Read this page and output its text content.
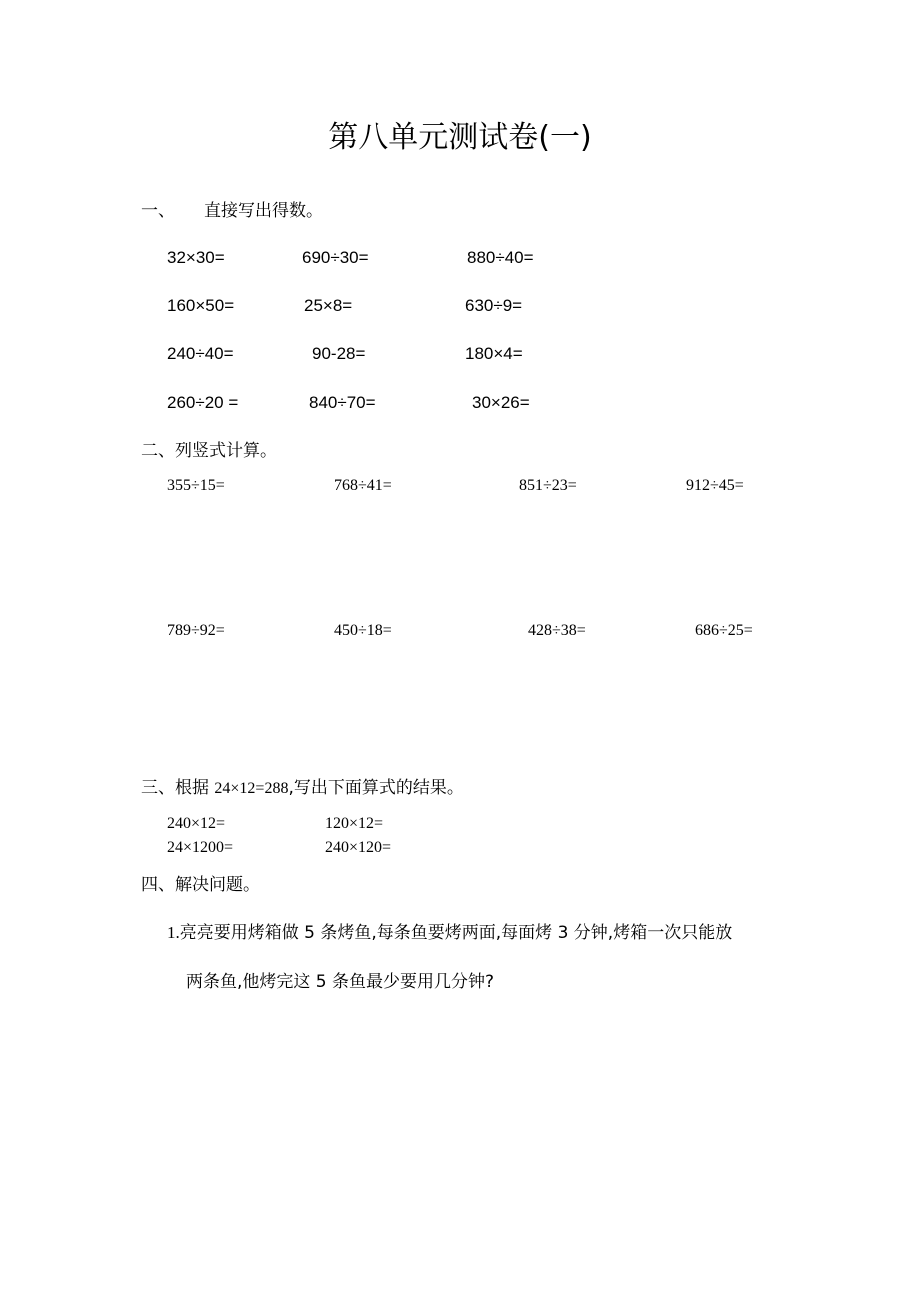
第八单元测试卷(一)
一、 直接写出得数。
32×30=	690÷30=	880÷40=
160×50=	25×8=	630÷9=
240÷40=	90-28=	180×4=
260÷20 =	840÷70=	30×26=
二、列竖式计算。
355÷15=	768÷41=	851÷23=	912÷45=
789÷92=	450÷18=	428÷38=	686÷25=
三、根据 24×12=288,写出下面算式的结果。
240×12=	120×12=
24×1200=	240×120=
四、解决问题。
1.亮亮要用烤箱做 5 条烤鱼,每条鱼要烤两面,每面烤 3 分钟,烤箱一次只能放
两条鱼,他烤完这 5 条鱼最少要用几分钟?
